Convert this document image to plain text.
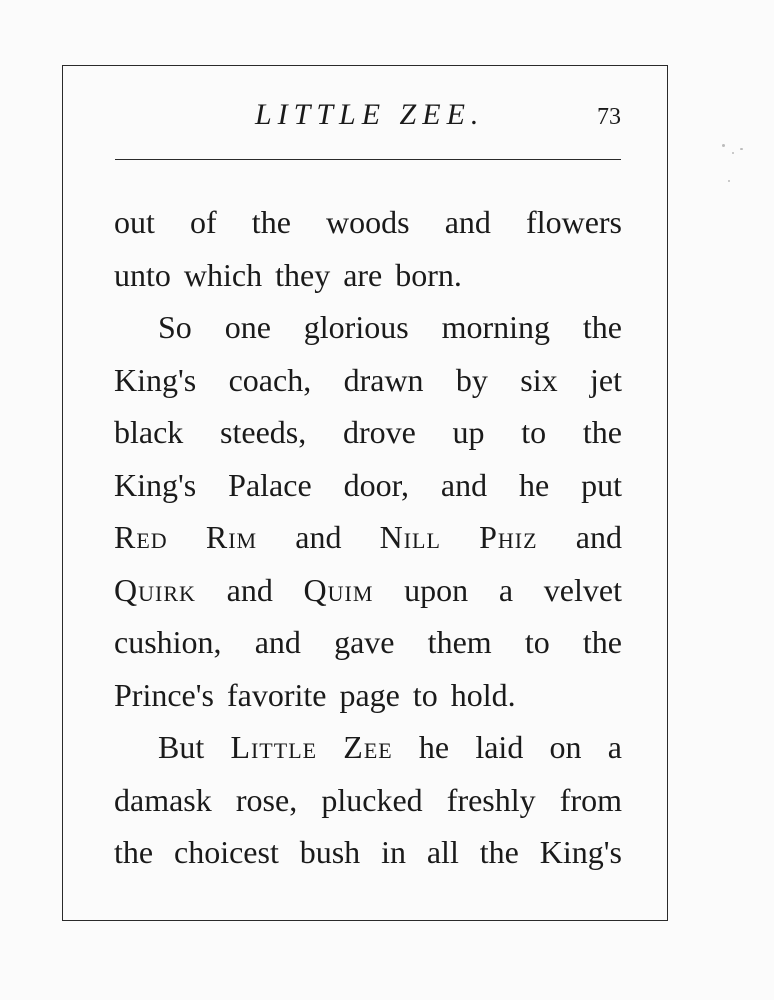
LITTLE ZEE.	73
out of the woods and flowers
unto which they are born.
So one glorious morning the
King's coach, drawn by six jet
black steeds, drove up to the
King's Palace door, and he put
Red Rim and Nill Phiz and
Quirk and Quim upon a velvet
cushion, and gave them to the
Prince's favorite page to hold.
But Little Zee he laid on a
damask rose, plucked freshly from
the choicest bush in all the King's
